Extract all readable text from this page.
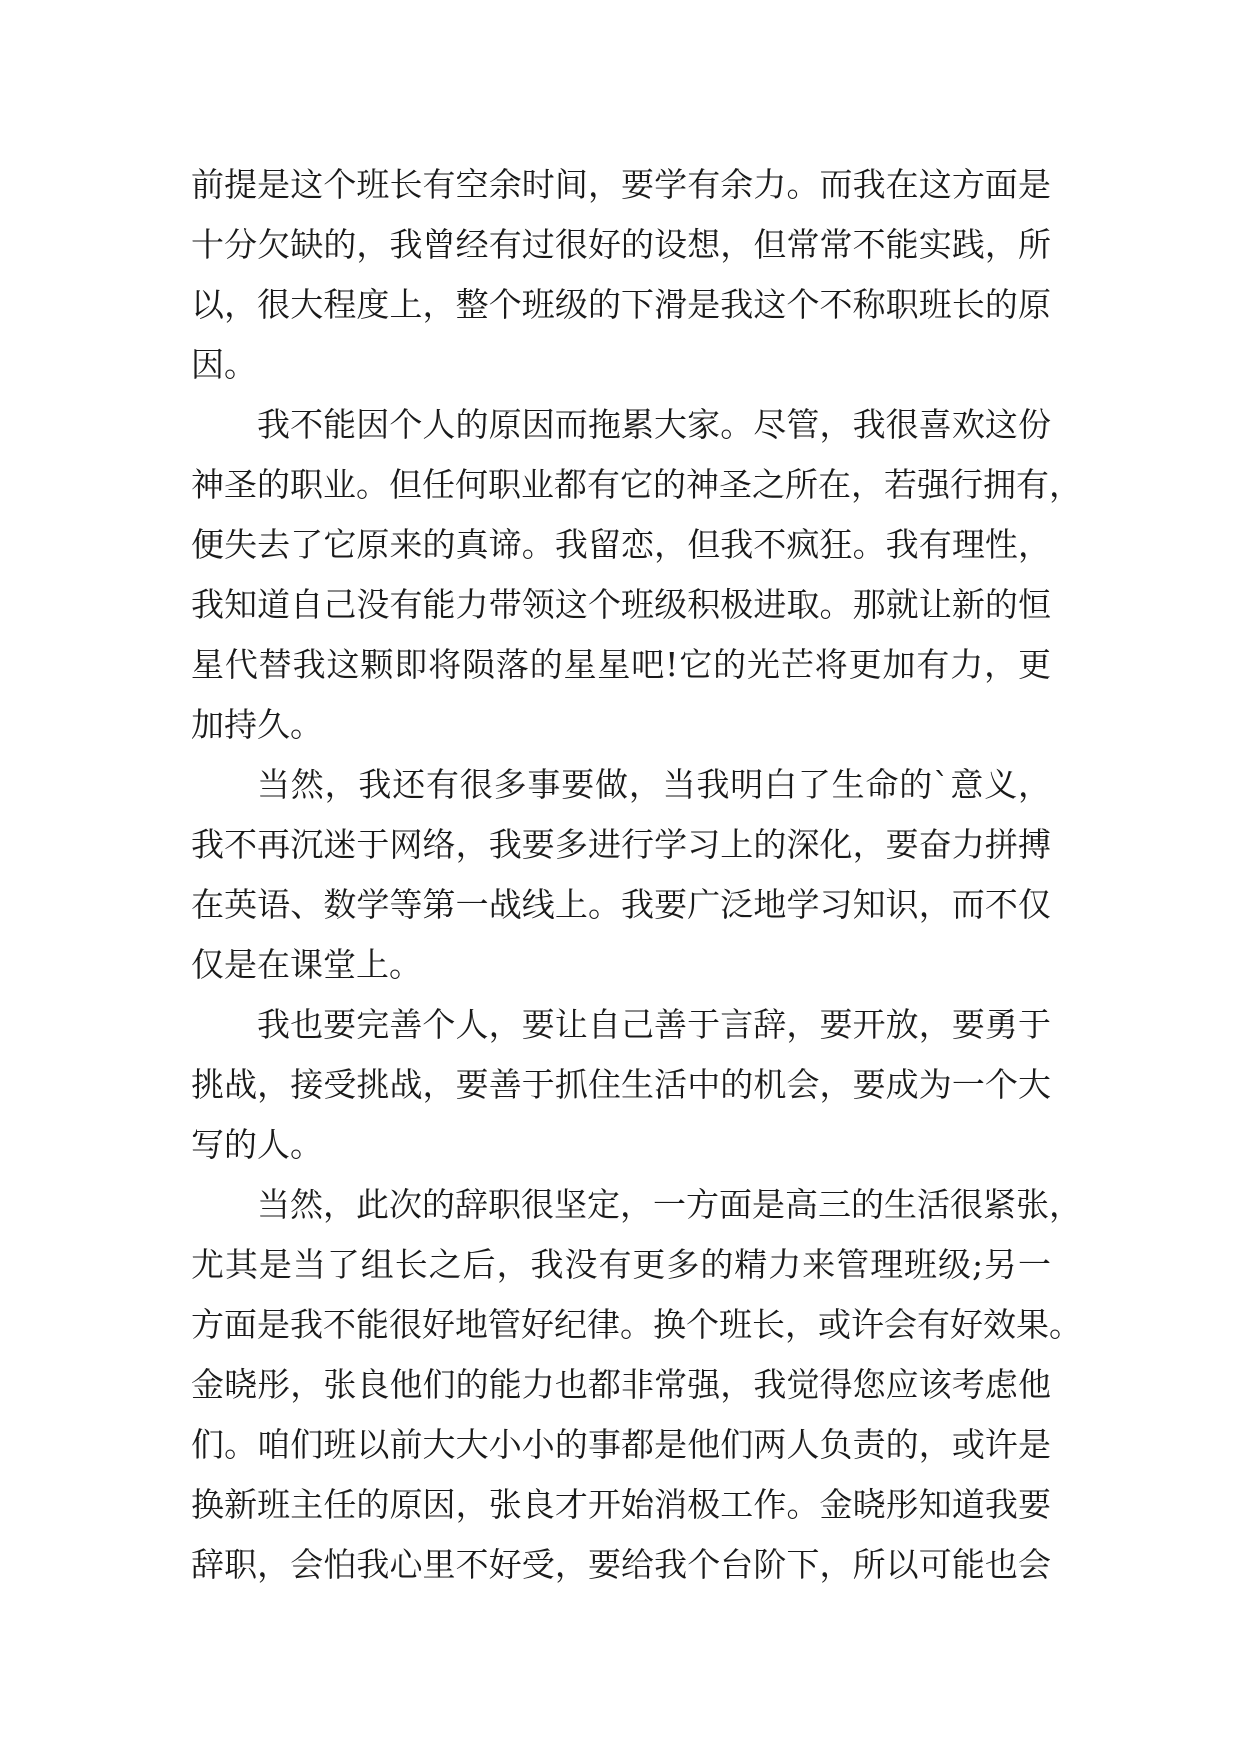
前提是这个班长有空余时间，要学有余力。而我在这方面是
十分欠缺的，我曾经有过很好的设想，但常常不能实践，所
以，很大程度上，整个班级的下滑是我这个不称职班长的原
因。
我不能因个人的原因而拖累大家。尽管，我很喜欢这份
神圣的职业。但任何职业都有它的神圣之所在，若强行拥有，
便失去了它原来的真谛。我留恋，但我不疯狂。我有理性，
我知道自己没有能力带领这个班级积极进取。那就让新的恒
星代替我这颗即将陨落的星星吧!它的光芒将更加有力，更
加持久。
当然，我还有很多事要做，当我明白了生命的`意义，
我不再沉迷于网络，我要多进行学习上的深化，要奋力拼搏
在英语、数学等第一战线上。我要广泛地学习知识，而不仅
仅是在课堂上。
我也要完善个人，要让自己善于言辞，要开放，要勇于
挑战，接受挑战，要善于抓住生活中的机会，要成为一个大
写的人。
当然，此次的辞职很坚定，一方面是高三的生活很紧张，
尤其是当了组长之后，我没有更多的精力来管理班级;另一
方面是我不能很好地管好纪律。换个班长，或许会有好效果。
金晓彤，张良他们的能力也都非常强，我觉得您应该考虑他
们。咱们班以前大大小小的事都是他们两人负责的，或许是
换新班主任的原因，张良才开始消极工作。金晓彤知道我要
辞职，会怕我心里不好受，要给我个台阶下，所以可能也会
